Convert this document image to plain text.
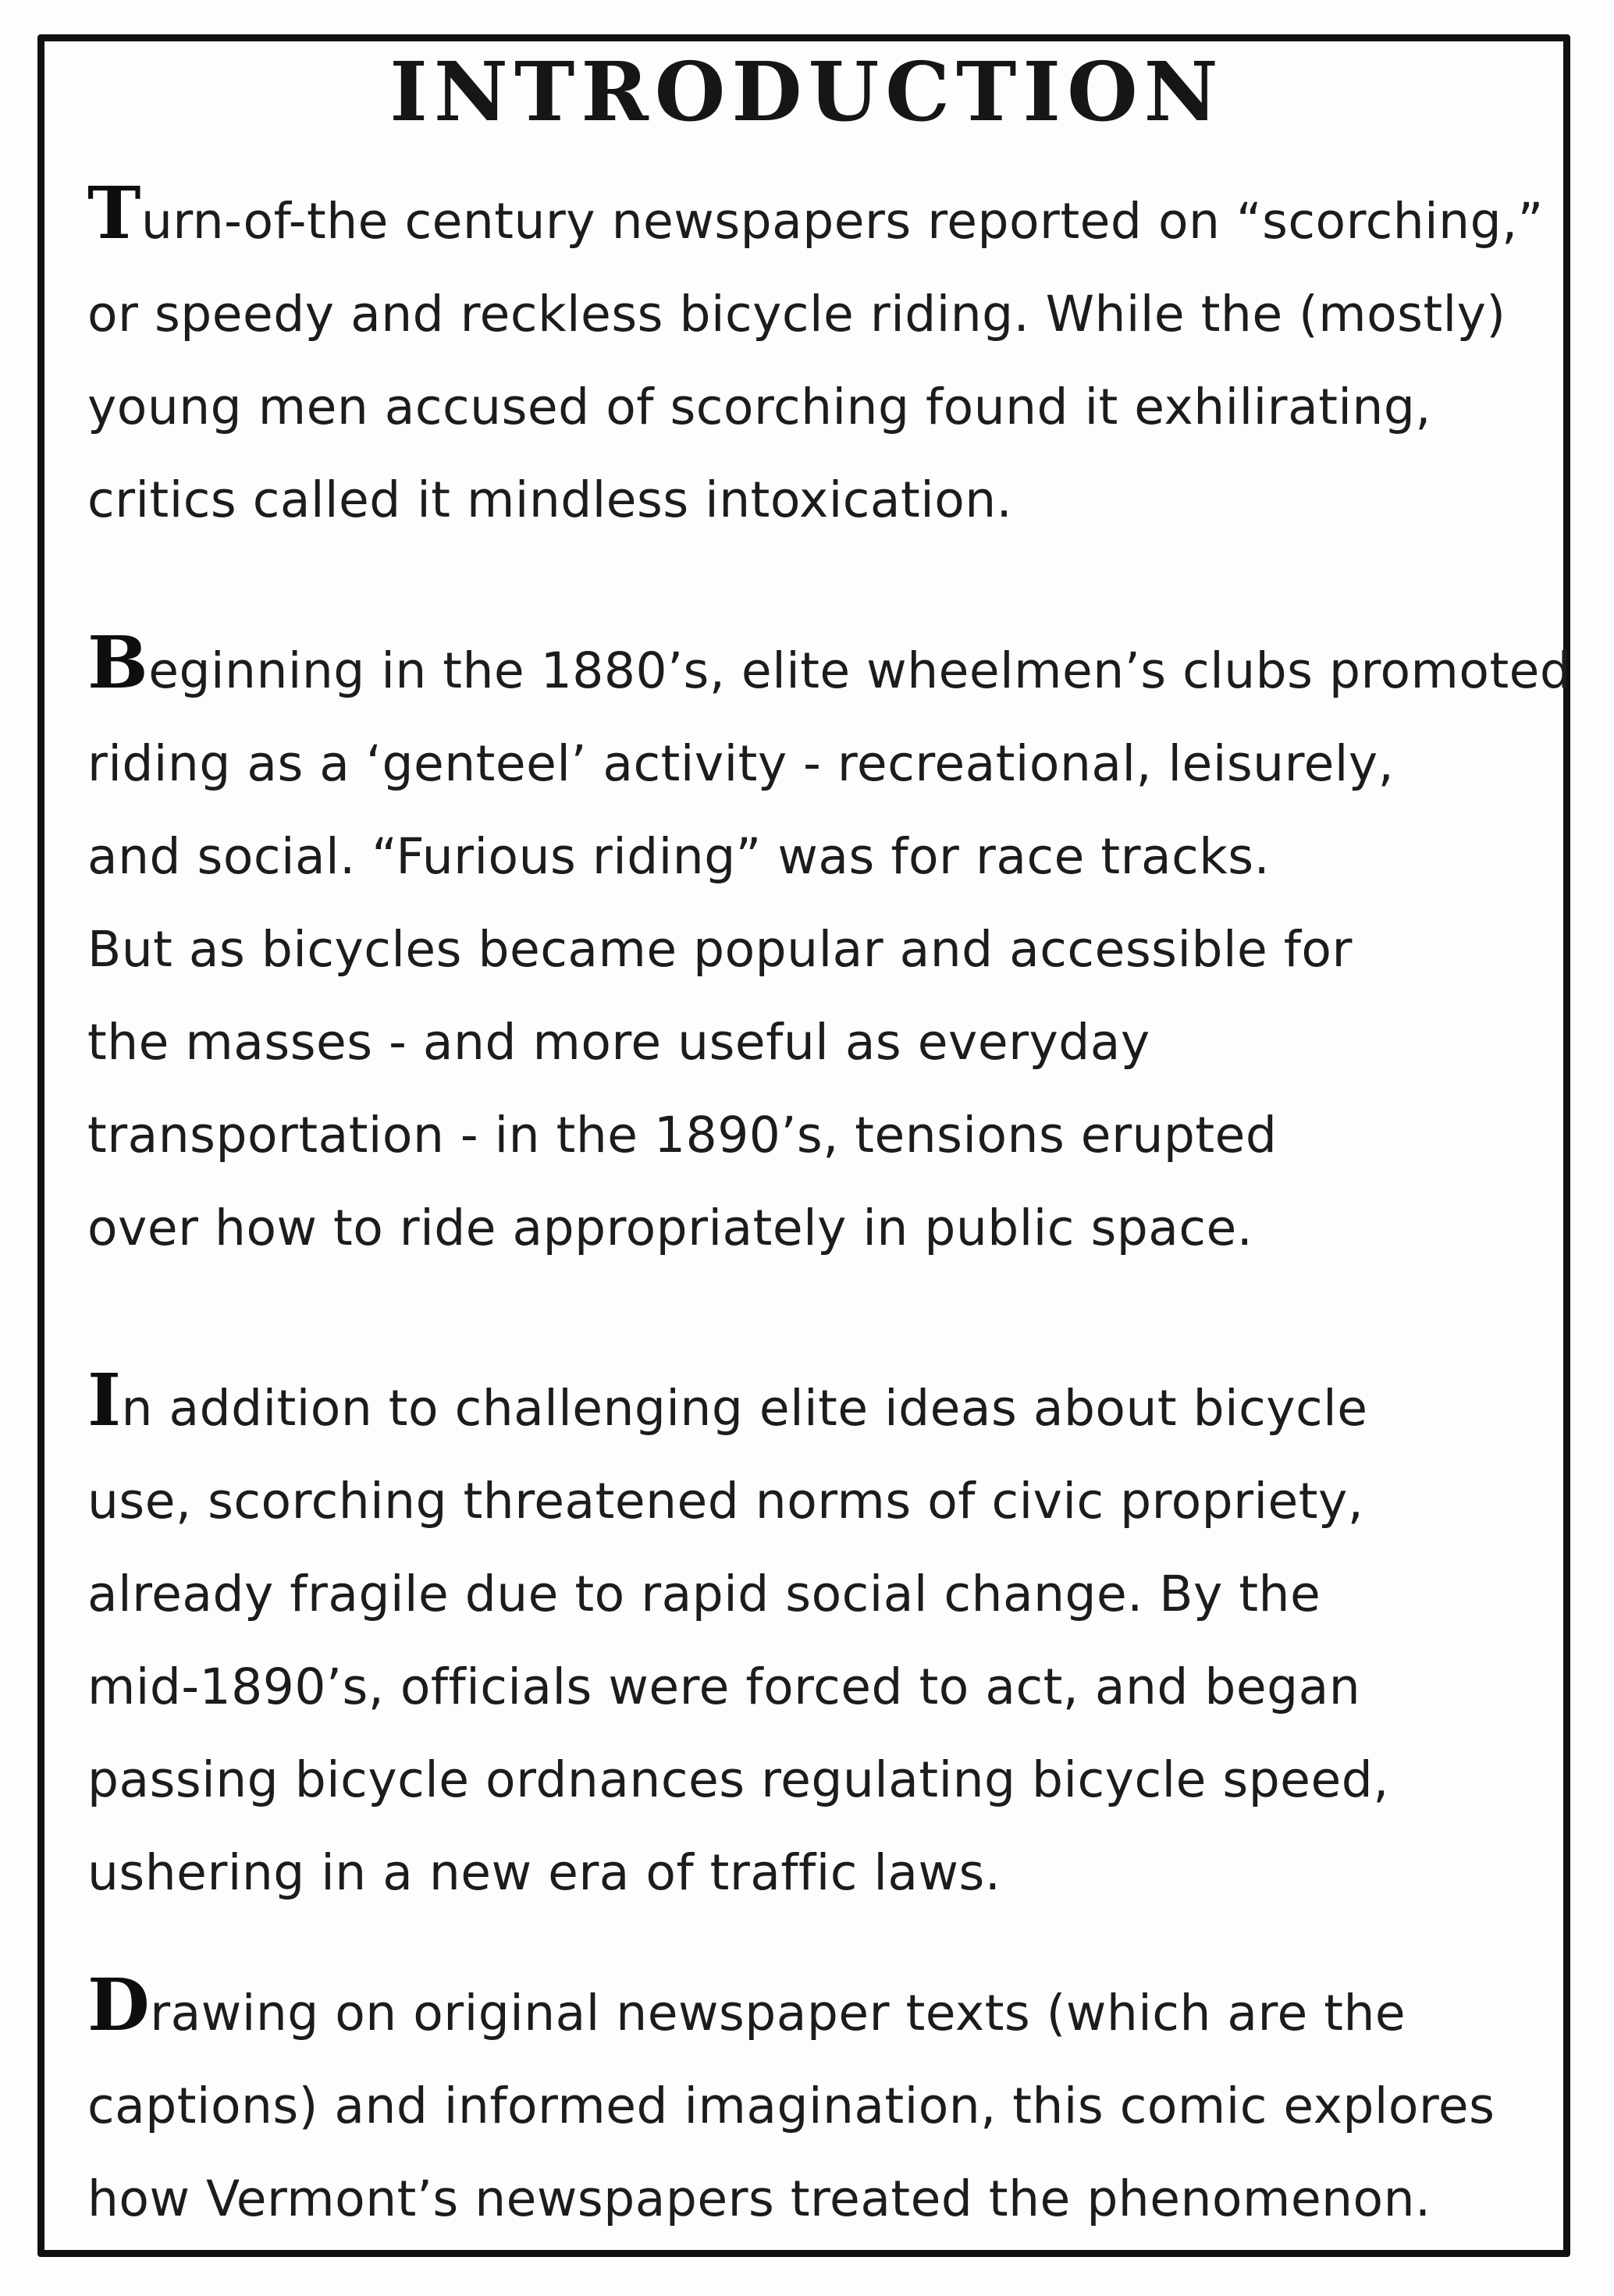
INTRODUCTION
Turn-of-the century newspapers reported on “scorching,”
or speedy and reckless bicycle riding. While the (mostly)
young men accused of scorching found it exhilirating,
critics called it mindless intoxication.
Beginning in the 1880’s, elite wheelmen’s clubs promoted
riding as a ‘genteel’ activity - recreational, leisurely,
and social. “Furious riding” was for race tracks.
But as bicycles became popular and accessible for
the masses - and more useful as everyday
transportation - in the 1890’s, tensions erupted
over how to ride appropriately in public space.
In addition to challenging elite ideas about bicycle
use, scorching threatened norms of civic propriety,
already fragile due to rapid social change. By the
mid-1890’s, officials were forced to act, and began
passing bicycle ordnances regulating bicycle speed,
ushering in a new era of traffic laws.
Drawing on original newspaper texts (which are the
captions) and informed imagination, this comic explores
how Vermont’s newspapers treated the phenomenon.
